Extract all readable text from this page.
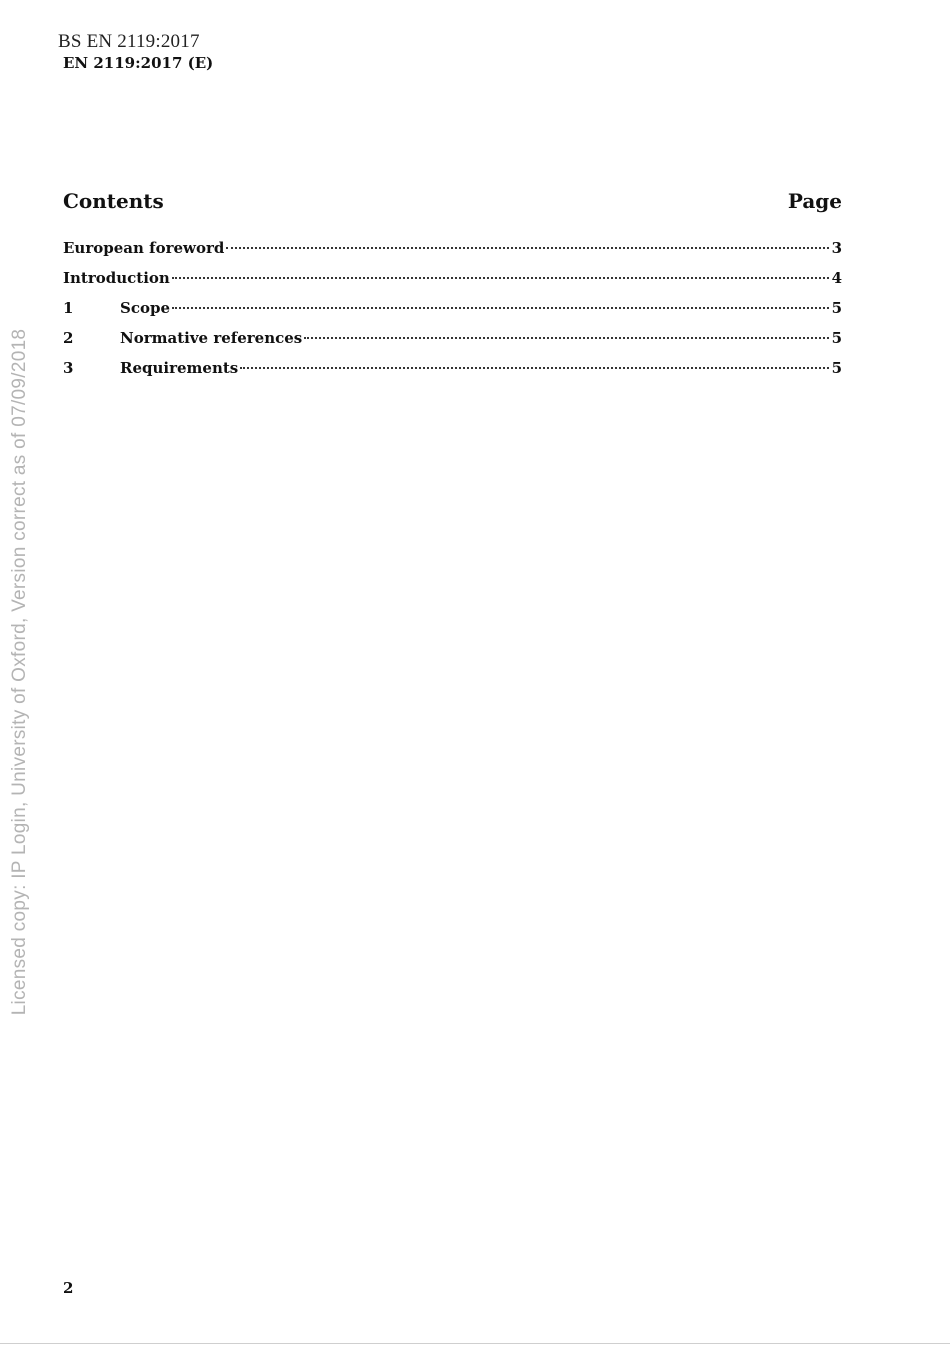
BS EN 2119:2017
EN 2119:2017 (E)
Contents	Page
European foreword	3
Introduction	4
1	Scope	5
2	Normative references	5
3	Requirements	5
Licensed copy: IP Login, University of Oxford, Version correct as of 07/09/2018
2
